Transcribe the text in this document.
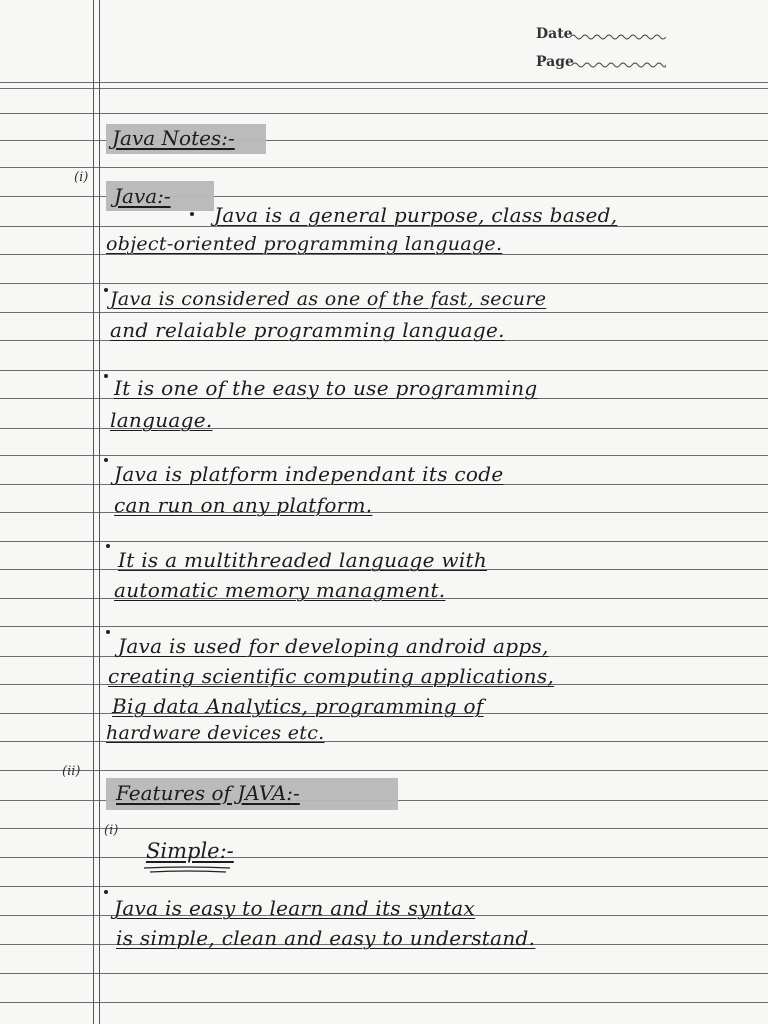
Date
Page
Java Notes:-
(i)
Java:-
Java is a general purpose, class based,
object-oriented programming language.
Java is considered as one of the fast, secure
and relaiable programming language.
It is one of the easy to use programming
language.
Java is platform independant its code
can run on any platform.
It is a multithreaded language with
automatic memory managment.
Java is used for developing android apps,
creating scientific computing applications,
Big data Analytics, programming of
hardware devices etc.
(ii)
Features of JAVA:-
(i)
Simple:-
Java is easy to learn and its syntax
is simple, clean and easy to understand.
